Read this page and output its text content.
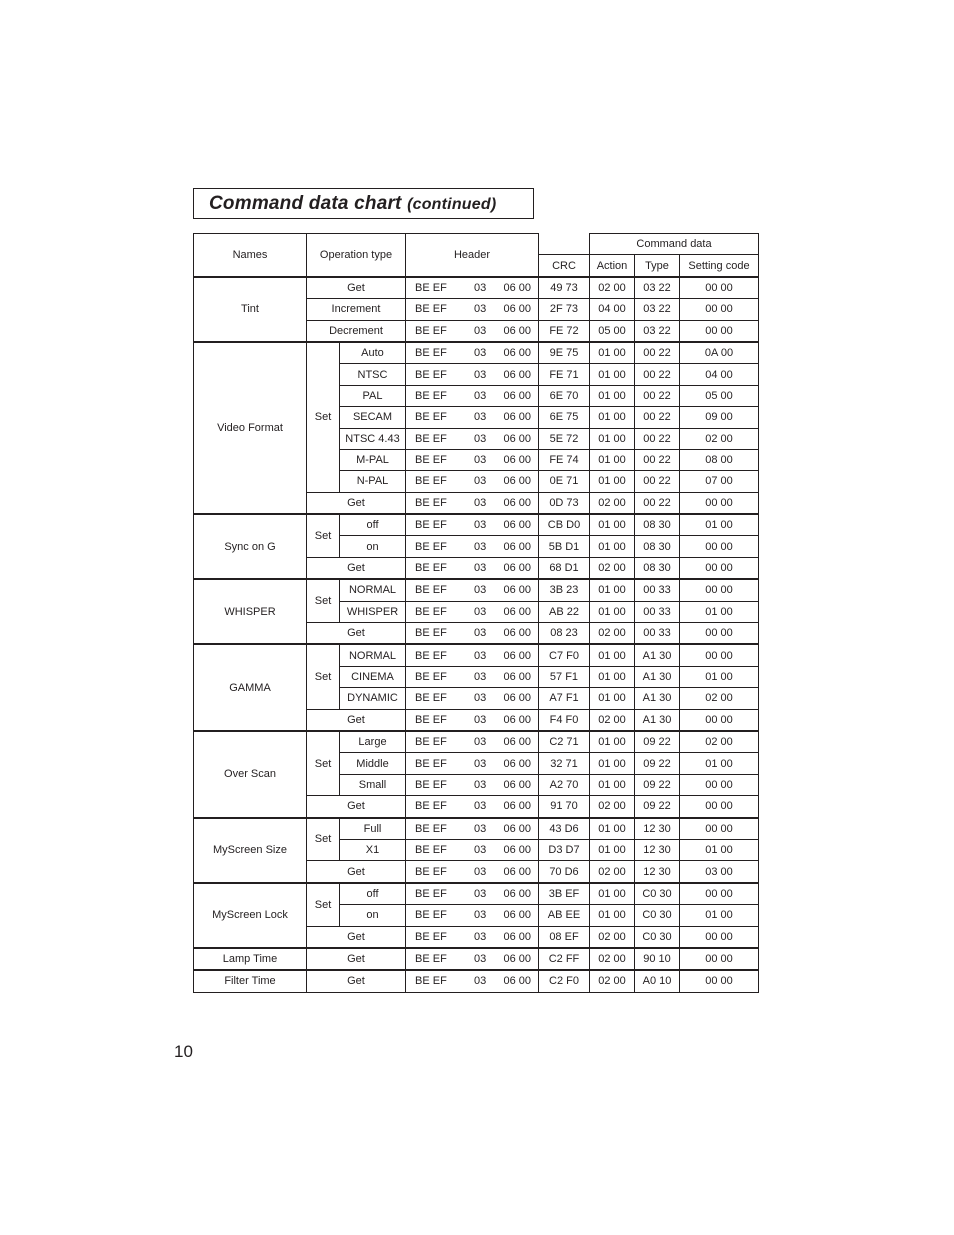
Command data chart (continued)
Names	Operation type		Header		Command data		
				CRC	Action	Type	Setting code
Tint	Get		BE EF 03 06 00	49 73	02 00	03 22	00 00
	Increment		BE EF 03 06 00	2F 73	04 00	03 22	00 00
	Decrement		BE EF 03 06 00	FE 72	05 00	03 22	00 00
Video Format	Set	Auto	BE EF 03 06 00	9E 75	01 00	00 22	0A 00
		NTSC	BE EF 03 06 00	FE 71	01 00	00 22	04 00
		PAL	BE EF 03 06 00	6E 70	01 00	00 22	05 00
		SECAM	BE EF 03 06 00	6E 75	01 00	00 22	09 00
		NTSC 4.43	BE EF 03 06 00	5E 72	01 00	00 22	02 00
		M-PAL	BE EF 03 06 00	FE 74	01 00	00 22	08 00
		N-PAL	BE EF 03 06 00	0E 71	01 00	00 22	07 00
	Get		BE EF 03 06 00	0D 73	02 00	00 22	00 00
Sync on G	Set	off	BE EF 03 06 00	CB D0	01 00	08 30	01 00
		on	BE EF 03 06 00	5B D1	01 00	08 30	00 00
	Get		BE EF 03 06 00	68 D1	02 00	08 30	00 00
WHISPER	Set	NORMAL	BE EF 03 06 00	3B 23	01 00	00 33	00 00
		WHISPER	BE EF 03 06 00	AB 22	01 00	00 33	01 00
	Get		BE EF 03 06 00	08 23	02 00	00 33	00 00
GAMMA	Set	NORMAL	BE EF 03 06 00	C7 F0	01 00	A1 30	00 00
		CINEMA	BE EF 03 06 00	57 F1	01 00	A1 30	01 00
		DYNAMIC	BE EF 03 06 00	A7 F1	01 00	A1 30	02 00
	Get		BE EF 03 06 00	F4 F0	02 00	A1 30	00 00
Over Scan	Set	Large	BE EF 03 06 00	C2 71	01 00	09 22	02 00
		Middle	BE EF 03 06 00	32 71	01 00	09 22	01 00
		Small	BE EF 03 06 00	A2 70	01 00	09 22	00 00
	Get		BE EF 03 06 00	91 70	02 00	09 22	00 00
MyScreen Size	Set	Full	BE EF 03 06 00	43 D6	01 00	12 30	00 00
		X1	BE EF 03 06 00	D3 D7	01 00	12 30	01 00
	Get		BE EF 03 06 00	70 D6	02 00	12 30	03 00
MyScreen Lock	Set	off	BE EF 03 06 00	3B EF	01 00	C0 30	00 00
		on	BE EF 03 06 00	AB EE	01 00	C0 30	01 00
	Get		BE EF 03 06 00	08 EF	02 00	C0 30	00 00
Lamp Time	Get		BE EF 03 06 00	C2 FF	02 00	90 10	00 00
Filter Time	Get		BE EF 03 06 00	C2 F0	02 00	A0 10	00 00
10
